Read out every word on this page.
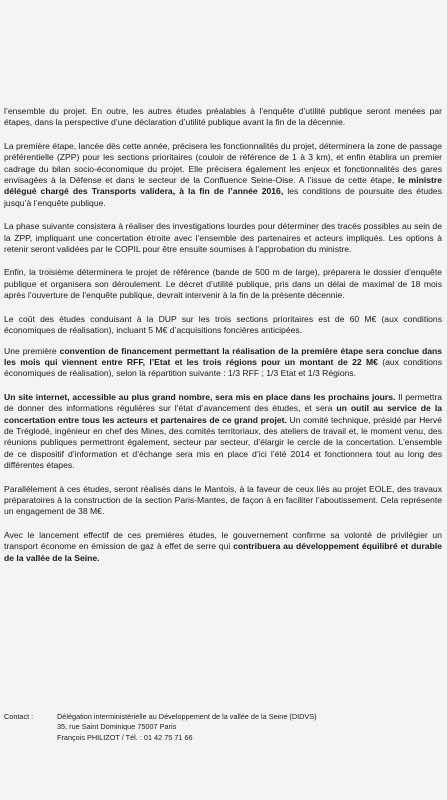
l’ensemble du projet. En outre, les autres études préalables à l’enquête d’utilité publique seront menées par étapes, dans la perspective d’une déclaration d’utilité publique avant la fin de la décennie.

La première étape, lancée dès cette année, précisera les fonctionnalités du projet, déterminera la zone de passage préférentielle (ZPP) pour les sections prioritaires (couloir de référence de 1 à 3 km), et enfin établira un premier cadrage du bilan socio-économique du projet. Elle précisera également les enjeux et fonctionnalités des gares envisagées à la Défense et dans le secteur de la Confluence Seine-Oise. A l’issue de cette étape, le ministre délégué chargé des Transports validera, à la fin de l’année 2016, les conditions de poursuite des études jusqu’à l’enquête publique.

La phase suivante consistera à réaliser des investigations lourdes pour déterminer des tracés possibles au sein de la ZPP, impliquant une concertation étroite avec l’ensemble des partenaires et acteurs impliqués. Les options à retenir seront validées par le COPIL pour être ensuite soumises à l’approbation du ministre.

Enfin, la troisième déterminera le projet de référence (bande de 500 m de large), préparera le dossier d’enquête publique et organisera son déroulement. Le décret d’utilité publique, pris dans un délai de maximal de 18 mois après l’ouverture de l’enquête publique, devrait intervenir à la fin de la présente décennie.

Le coût des études conduisant à la DUP sur les trois sections prioritaires est de 60 M€ (aux conditions économiques de réalisation), incluant 5 M€ d’acquisitions foncières anticipées.

Une première convention de financement permettant la réalisation de la première étape sera conclue dans les mois qui viennent entre RFF, l’Etat et les trois régions pour un montant de 22 M€ (aux conditions économiques de réalisation), selon la répartition suivante : 1/3 RFF ; 1/3 Etat et 1/3 Régions.

Un site internet, accessible au plus grand nombre, sera mis en place dans les prochains jours. Il permettra de donner des informations régulières sur l’état d’avancement des études, et sera un outil au service de la concertation entre tous les acteurs et partenaires de ce grand projet. Un comité technique, présidé par Hervé de Tréglodé, ingénieur en chef des Mines, des comités territoriaux, des ateliers de travail et, le moment venu, des réunions publiques permettront également, secteur par secteur, d’élargir le cercle de la concertation. L’ensemble de ce dispositif d’information et d’échange sera mis en place d’ici l’été 2014 et fonctionnera tout au long des différentes étapes.

Parallèlement à ces études, seront réalisés dans le Mantois, à la faveur de ceux liés au projet EOLE, des travaux préparatoires à la construction de la section Paris-Mantes, de façon à en faciliter l’aboutissement. Cela représente un engagement de 38 M€.

Avec le lancement effectif de ces premières études, le gouvernement confirme sa volonté de privilégier un transport économe en émission de gaz à effet de serre qui contribuera au développement équilibré et durable de la vallée de la Seine.

Contact :	Délégation interministérielle au Développement de la vallée de la Seine (DIDVS)
35, rue Saint Dominique 75007 Paris
François PHILIZOT / Tél. : 01 42 75 71 66
